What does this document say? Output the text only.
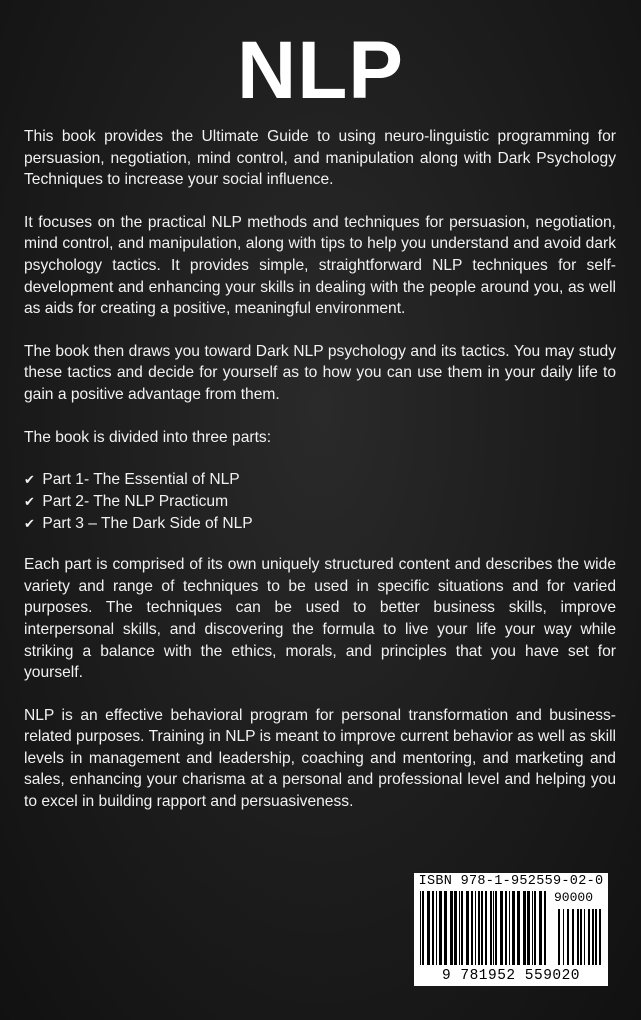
NLP

This book provides the Ultimate Guide to using neuro-linguistic programming for persuasion, negotiation, mind control, and manipulation along with Dark Psychology Techniques to increase your social influence.

It focuses on the practical NLP methods and techniques for persuasion, negotiation, mind control, and manipulation, along with tips to help you understand and avoid dark psychology tactics. It provides simple, straightforward NLP techniques for self-development and enhancing your skills in dealing with the people around you, as well as aids for creating a positive, meaningful environment.

The book then draws you toward Dark NLP psychology and its tactics. You may study these tactics and decide for yourself as to how you can use them in your daily life to gain a positive advantage from them.

The book is divided into three parts:

✔ Part 1- The Essential of NLP
✔ Part 2- The NLP Practicum
✔ Part 3 – The Dark Side of NLP

Each part is comprised of its own uniquely structured content and describes the wide variety and range of techniques to be used in specific situations and for varied purposes. The techniques can be used to better business skills, improve interpersonal skills, and discovering the formula to live your life your way while striking a balance with the ethics, morals, and principles that you have set for yourself.

NLP is an effective behavioral program for personal transformation and business-related purposes. Training in NLP is meant to improve current behavior as well as skill levels in management and leadership, coaching and mentoring, and marketing and sales, enhancing your charisma at a personal and professional level and helping you to excel in building rapport and persuasiveness.

ISBN 978-1-952559-02-0
90000
9 781952 559020
